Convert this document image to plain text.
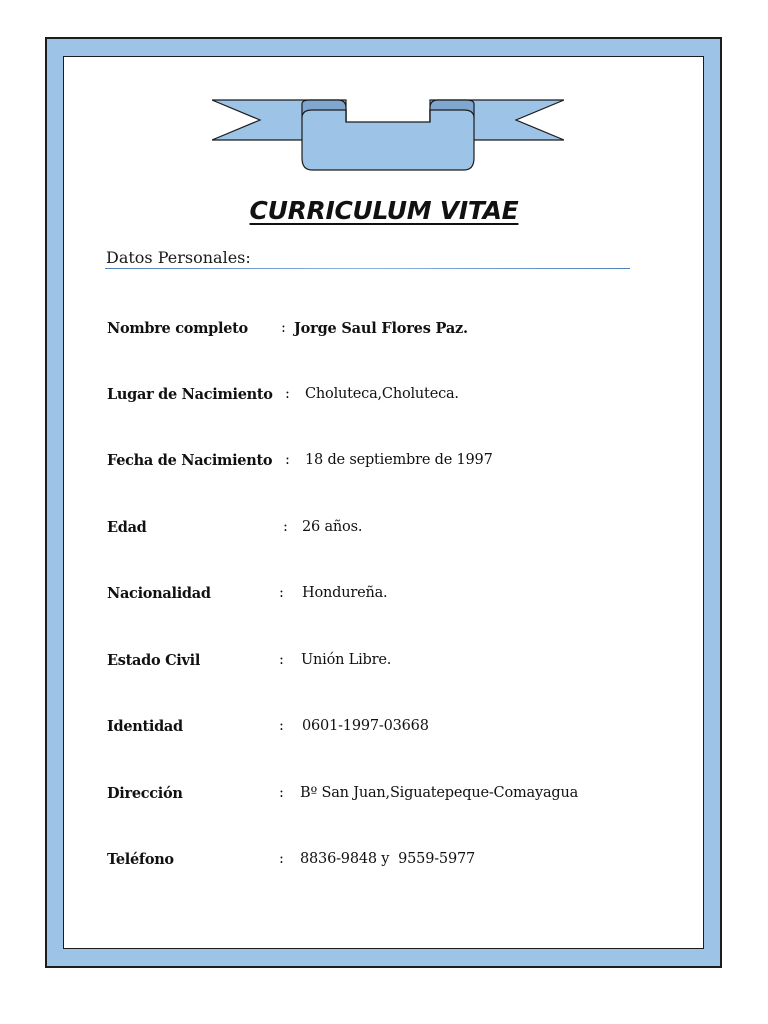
CURRICULUM VITAE
Datos Personales:
Nombre completo : Jorge Saul Flores Paz.
Lugar de Nacimiento : Choluteca,Choluteca.
Fecha de Nacimiento : 18 de septiembre de 1997
Edad	: 26 años.
Nacionalidad	: Hondureña.
Estado Civil	: Unión Libre.
Identidad	: 0601-1997-03668
Dirección	: Bº San Juan,Siguatepeque-Comayagua
Teléfono	: 8836-9848 y  9559-5977
